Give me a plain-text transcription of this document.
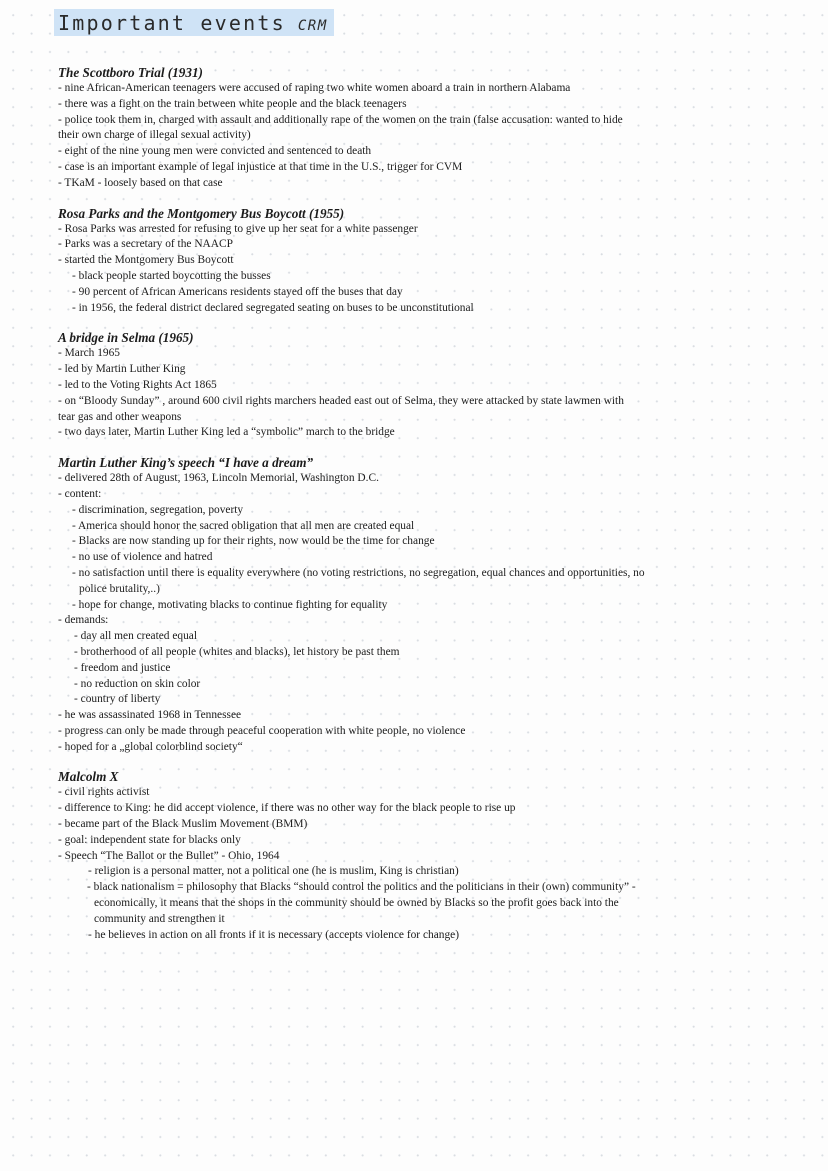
Important events CRM
The Scottboro Trial (1931)
- nine African-American teenagers were accused of raping two white women aboard a train in northern Alabama
- there was a fight on the train between white people and the black teenagers
- police took them in, charged with assault and additionally rape of the women on the train (false accusation: wanted to hide their own charge of illegal sexual activity)
- eight of the nine young men were convicted and sentenced to death
- case is an important example of legal injustice at that time in the U.S., trigger for CVM
- TKaM - loosely based on that case
Rosa Parks and the Montgomery Bus Boycott (1955)
- Rosa Parks was arrested for refusing to give up her seat for a white passenger
- Parks was a secretary of the NAACP
- started the Montgomery Bus Boycott
- black people started boycotting the busses
- 90 percent of African Americans residents stayed off the buses that day
- in 1956, the federal district declared segregated seating on buses to be unconstitutional
A bridge in Selma (1965)
- March 1965
- led by Martin Luther King
- led to the Voting Rights Act 1865
- on “Bloody Sunday” , around 600 civil rights marchers headed east out of Selma, they were attacked by state lawmen with tear gas and other weapons
- two days later, Martin Luther King led a “symbolic” march to the bridge
Martin Luther King’s speech “I have a dream”
- delivered 28th of August, 1963, Lincoln Memorial, Washington D.C.
- content:
- discrimination, segregation, poverty
- America should honor the sacred obligation that all men are created equal
- Blacks are now standing up for their rights, now would be the time for change
- no use of violence and hatred
- no satisfaction until there is equality everywhere (no voting restrictions, no segregation, equal chances and opportunities, no police brutality,..)
- hope for change, motivating blacks to continue fighting for equality
- demands:
- day all men created equal
- brotherhood of all people (whites and blacks), let history be past them
- freedom and justice
- no reduction on skin color
- country of liberty
- he was assassinated 1968 in Tennessee
- progress can only be made through peaceful cooperation with white people, no violence
- hoped for a „global colorblind society“
Malcolm X
- civil rights activist
- difference to King: he did accept violence, if there was no other way for the black people to rise up
- became part of the Black Muslim Movement (BMM)
- goal: independent state for blacks only
- Speech “The Ballot or the Bullet” - Ohio, 1964
- religion is a personal matter, not a political one (he is muslim, King is christian)
- black nationalism = philosophy that Blacks “should control the politics and the politicians in their (own) community” - economically, it means that the shops in the community should be owned by Blacks so the profit goes back into the community and strengthen it
- he believes in action on all fronts if it is necessary (accepts violence for change)
